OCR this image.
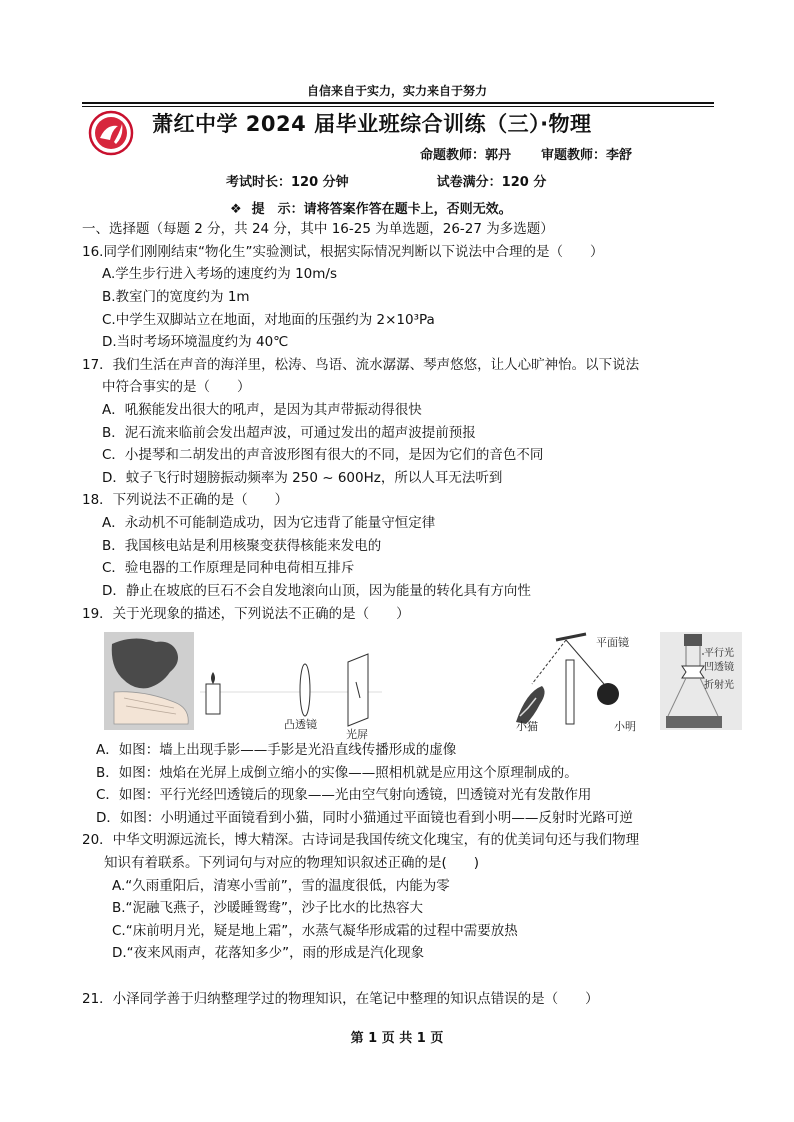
自信来自于实力，实力来自于努力
萧红中学 2024 届毕业班综合训练（三）·物理
命题教师：郭丹 审题教师：李舒
考试时长：120 分钟	试卷满分：120 分
❖ 提　示：请将答案作答在题卡上，否则无效。
一、选择题（每题 2 分，共 24 分，其中 16-25 为单选题，26-27 为多选题）
16.同学们刚刚结束“物化生”实验测试，根据实际情况判断以下说法中合理的是（　　）
A.学生步行进入考场的速度约为 10m/s
B.教室门的宽度约为 1m
C.中学生双脚站立在地面，对地面的压强约为 2×10³Pa
D.当时考场环境温度约为 40℃
17．我们生活在声音的海洋里，松涛、鸟语、流水潺潺、琴声悠悠，让人心旷神怡。以下说法
中符合事实的是（　　）
A．吼猴能发出很大的吼声，是因为其声带振动得很快
B．泥石流来临前会发出超声波，可通过发出的超声波提前预报
C．小提琴和二胡发出的声音波形图有很大的不同，是因为它们的音色不同
D．蚊子飞行时翅膀振动频率为 250 ~ 600Hz，所以人耳无法听到
18．下列说法不正确的是（　　）
A．永动机不可能制造成功，因为它违背了能量守恒定律
B．我国核电站是利用核聚变获得核能来发电的
C．验电器的工作原理是同种电荷相互排斥
D．静止在坡底的巨石不会自发地滚向山顶，因为能量的转化具有方向性
19．关于光现象的描述，下列说法不正确的是（　　）
凸透镜
光屏
平面镜
小猫	小明
平行光
凹透镜
折射光
A．如图：墙上出现手影——手影是光沿直线传播形成的虚像
B．如图：烛焰在光屏上成倒立缩小的实像——照相机就是应用这个原理制成的。
C．如图：平行光经凹透镜后的现象——光由空气射向透镜，凹透镜对光有发散作用
D．如图：小明通过平面镜看到小猫，同时小猫通过平面镜也看到小明——反射时光路可逆
20．中华文明源远流长，博大精深。古诗词是我国传统文化瑰宝，有的优美词句还与我们物理
知识有着联系。下列词句与对应的物理知识叙述正确的是(　　)
A.“久雨重阳后，清寒小雪前”，雪的温度很低，内能为零
B.“泥融飞燕子，沙暖睡鸳鸯”，沙子比水的比热容大
C.“床前明月光，疑是地上霜”，水蒸气凝华形成霜的过程中需要放热
D.“夜来风雨声，花落知多少”，雨的形成是汽化现象
21．小泽同学善于归纳整理学过的物理知识，在笔记中整理的知识点错误的是（　　）
第 1 页 共 1 页
